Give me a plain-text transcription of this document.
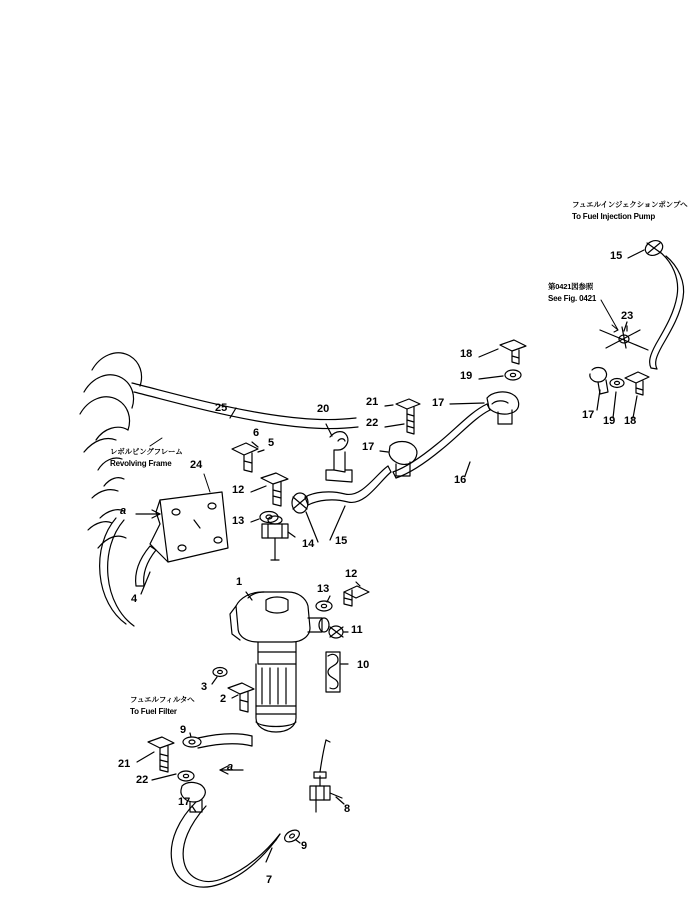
15
23
18
19
17
17 19 18
21
22
20
17
16
25
6
5
24
12
13
14 15
4
1
13
12
11
10
3
2
9
21
22
17
8
9
7
a
a
フュエルインジェクションポンプへ
To Fuel Injection Pump
第0421図参照
See Fig. 0421
レボルビングフレーム
Revolving Frame
フュエルフィルタへ
To Fuel Filter
